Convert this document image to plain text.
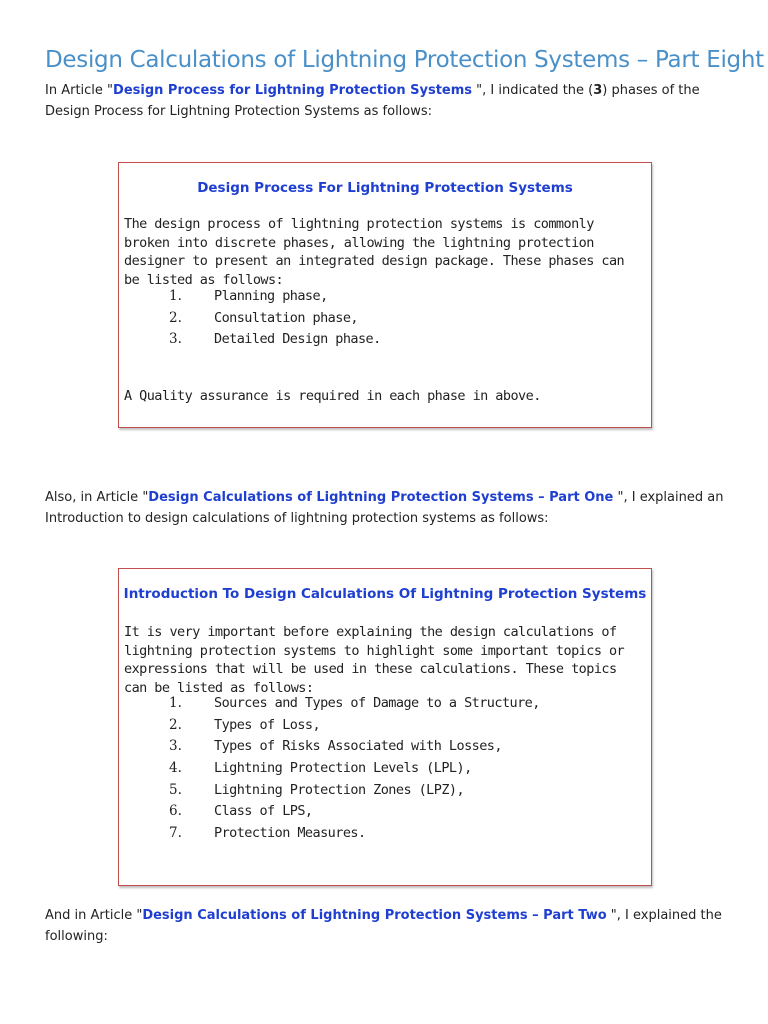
Design Calculations of Lightning Protection Systems – Part Eight
In Article "Design Process for Lightning Protection Systems ", I indicated the (3) phases of the Design Process for Lightning Protection Systems as follows:
Design Process For Lightning Protection Systems
The design process of lightning protection systems is commonly broken into discrete phases, allowing the lightning protection designer to present an integrated design package. These phases can be listed as follows:
1.	Planning phase,
2.	Consultation phase,
3.	Detailed Design phase.
A Quality assurance is required in each phase in above.
Also, in Article "Design Calculations of Lightning Protection Systems – Part One ", I explained an Introduction to design calculations of lightning protection systems as follows:
Introduction To Design Calculations Of Lightning Protection Systems
It is very important before explaining the design calculations of lightning protection systems to highlight some important topics or expressions that will be used in these calculations. These topics can be listed as follows:
1.	Sources and Types of Damage to a Structure,
2.	Types of Loss,
3.	Types of Risks Associated with Losses,
4.	Lightning Protection Levels (LPL),
5.	Lightning Protection Zones (LPZ),
6.	Class of LPS,
7.	Protection Measures.
And in Article "Design Calculations of Lightning Protection Systems – Part Two ", I explained the following:
